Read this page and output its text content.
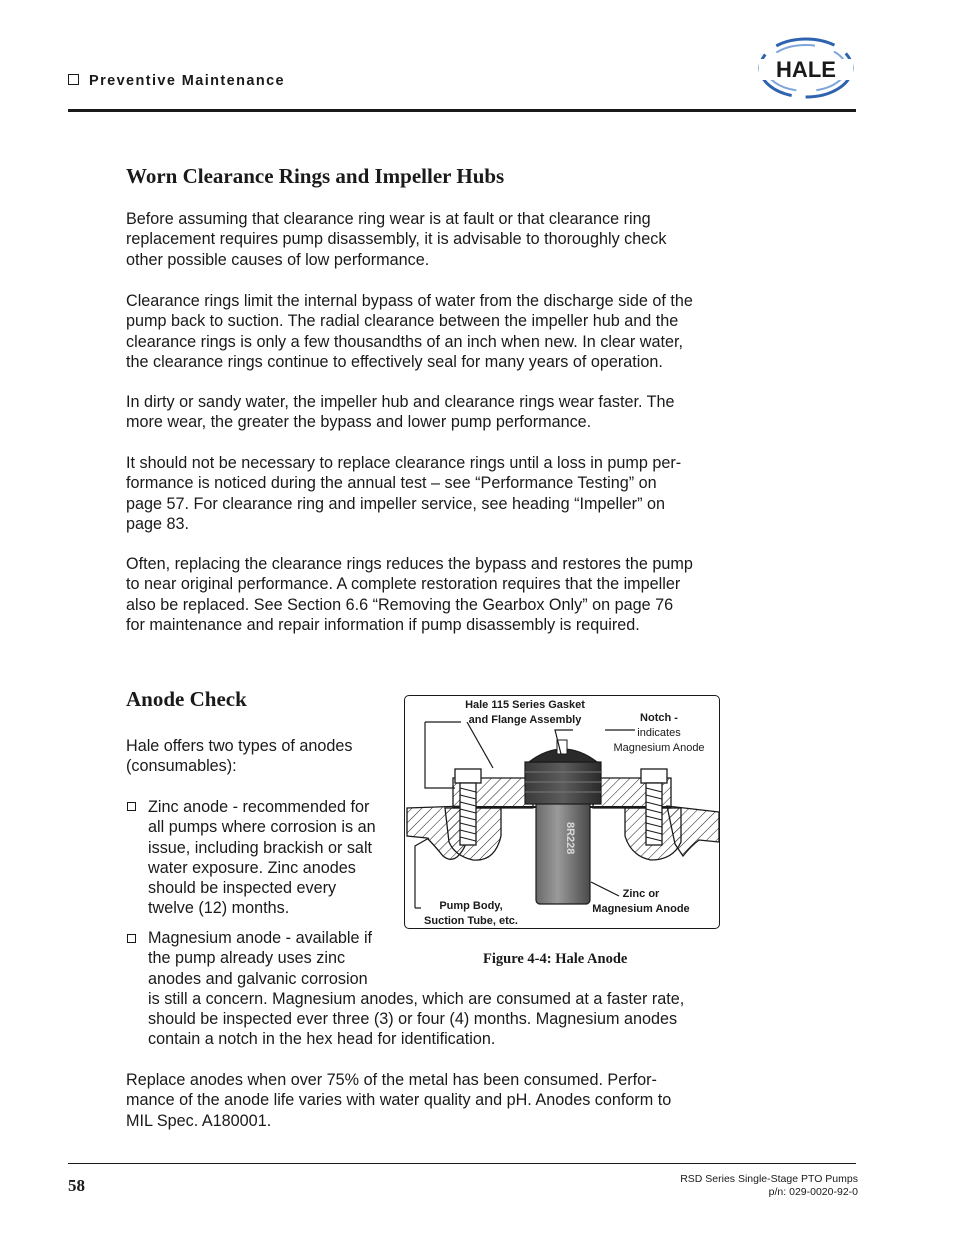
Preventive Maintenance	HALE
Worn Clearance Rings and Impeller Hubs

Before assuming that clearance ring wear is at fault or that clearance ring
replacement requires pump disassembly, it is advisable to thoroughly check
other possible causes of low performance.

Clearance rings limit the internal bypass of water from the discharge side of the
pump back to suction. The radial clearance between the impeller hub and the
clearance rings is only a few thousandths of an inch when new. In clear water,
the clearance rings continue to effectively seal for many years of operation.

In dirty or sandy water, the impeller hub and clearance rings wear faster. The
more wear, the greater the bypass and lower pump performance.

It should not be necessary to replace clearance rings until a loss in pump per-
formance is noticed during the annual test – see “Performance Testing” on
page 57. For clearance ring and impeller service, see heading “Impeller” on
page 83.

Often, replacing the clearance rings reduces the bypass and restores the pump
to near original performance. A complete restoration requires that the impeller
also be replaced. See Section 6.6 “Removing the Gearbox Only” on page 76
for maintenance and repair information if pump disassembly is required.

Anode Check

Hale offers two types of anodes
(consumables):

Zinc anode - recommended for
all pumps where corrosion is an
issue, including brackish or salt
water exposure. Zinc anodes
should be inspected every
twelve (12) months.
Magnesium anode - available if
the pump already uses zinc
anodes and galvanic corrosion
is still a concern. Magnesium anodes, which are consumed at a faster rate,
should be inspected ever three (3) or four (4) months. Magnesium anodes
contain a notch in the hex head for identification.

Replace anodes when over 75% of the metal has been consumed. Perfor-
mance of the anode life varies with water quality and pH. Anodes conform to
MIL Spec. A180001.

8R228
Hale 115 Series Gasket
and Flange Assembly	Notch -
indicates
Magnesium Anode
Pump Body,
Suction Tube, etc.
Zinc or
Magnesium Anode
Figure 4-4: Hale Anode
58	RSD Series Single-Stage PTO Pumps
p/n: 029-0020-92-0
